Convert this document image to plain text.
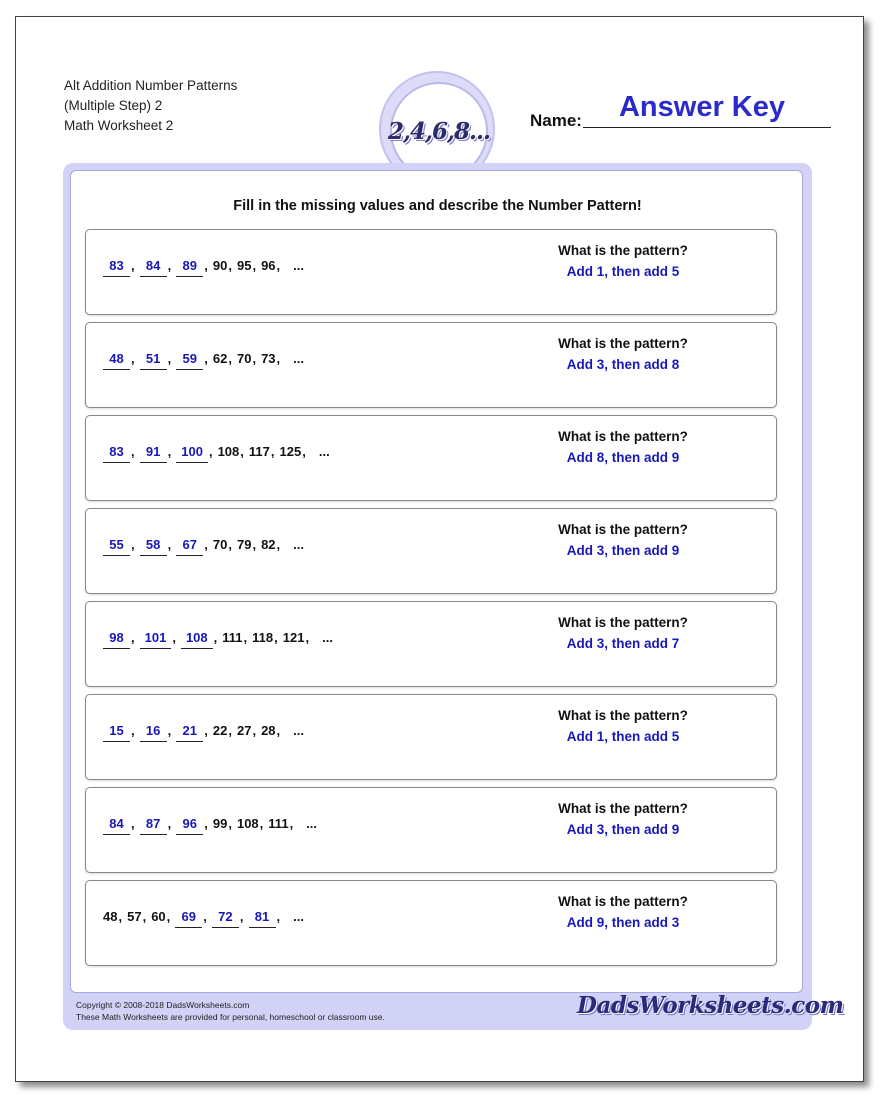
Alt Addition Number Patterns
(Multiple Step) 2
Math Worksheet 2	2,4,6,8... Name:	Answer Key
Fill in the missing values and describe the Number Pattern!
83 , 84 , 89 , 90 , 95 , 96 ,	...
What is the pattern?
Add 1, then add 5
48 , 51 , 59 , 62 , 70 , 73 ,	...
What is the pattern?
Add 3, then add 8
83 , 91 , 100 , 108 , 117 , 125 ,	...
What is the pattern?
Add 8, then add 9
55 , 58 , 67 , 70 , 79 , 82 ,	...
What is the pattern?
Add 3, then add 9
98 , 101 , 108 , 111 , 118 , 121 ,	...
What is the pattern?
Add 3, then add 7
15 , 16 , 21 , 22 , 27 , 28 ,	...
What is the pattern?
Add 1, then add 5
84 , 87 , 96 , 99 , 108 , 111 ,	...
What is the pattern?
Add 3, then add 9
48 , 57 , 60 , 69 , 72 , 81 ,	...
What is the pattern?
Add 9, then add 3
Copyright © 2008-2018 DadsWorksheets.com
These Math Worksheets are provided for personal, homeschool or classroom use.	DadsWorksheets.com
